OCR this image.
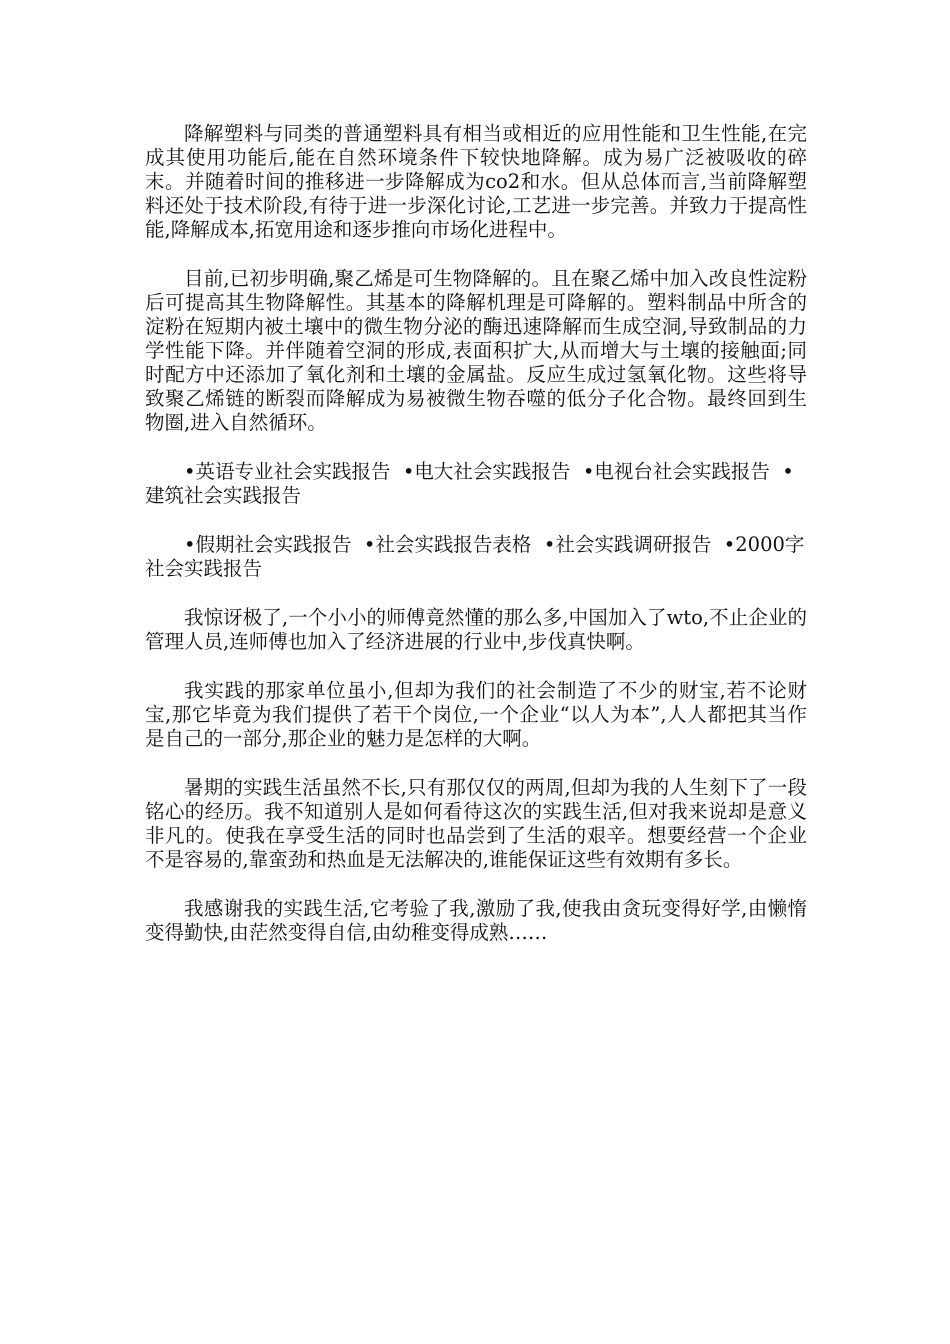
降解塑料与同类的普通塑料具有相当或相近的应用性能和卫生性能,在完成其使用功能后,能在自然环境条件下较快地降解。成为易广泛被吸收的碎末。并随着时间的推移进一步降解成为co2和水。但从总体而言,当前降解塑料还处于技术阶段,有待于进一步深化讨论,工艺进一步完善。并致力于提高性能,降解成本,拓宽用途和逐步推向市场化进程中。

目前,已初步明确,聚乙烯是可生物降解的。且在聚乙烯中加入改良性淀粉后可提高其生物降解性。其基本的降解机理是可降解的。塑料制品中所含的淀粉在短期内被土壤中的微生物分泌的酶迅速降解而生成空洞,导致制品的力学性能下降。并伴随着空洞的形成,表面积扩大,从而增大与土壤的接触面;同时配方中还添加了氧化剂和土壤的金属盐。反应生成过氢氧化物。这些将导致聚乙烯链的断裂而降解成为易被微生物吞噬的低分子化合物。最终回到生物圈,进入自然循环。

•英语专业社会实践报告 •电大社会实践报告 •电视台社会实践报告 •建筑社会实践报告

•假期社会实践报告 •社会实践报告表格 •社会实践调研报告 •2000字社会实践报告

我惊讶极了,一个小小的师傅竟然懂的那么多,中国加入了wto,不止企业的管理人员,连师傅也加入了经济进展的行业中,步伐真快啊。

我实践的那家单位虽小,但却为我们的社会制造了不少的财宝,若不论财宝,那它毕竟为我们提供了若干个岗位,一个企业“以人为本”,人人都把其当作是自己的一部分,那企业的魅力是怎样的大啊。

暑期的实践生活虽然不长,只有那仅仅的两周,但却为我的人生刻下了一段铭心的经历。我不知道别人是如何看待这次的实践生活,但对我来说却是意义非凡的。使我在享受生活的同时也品尝到了生活的艰辛。想要经营一个企业不是容易的,靠蛮劲和热血是无法解决的,谁能保证这些有效期有多长。

我感谢我的实践生活,它考验了我,激励了我,使我由贪玩变得好学,由懒惰变得勤快,由茫然变得自信,由幼稚变得成熟……
